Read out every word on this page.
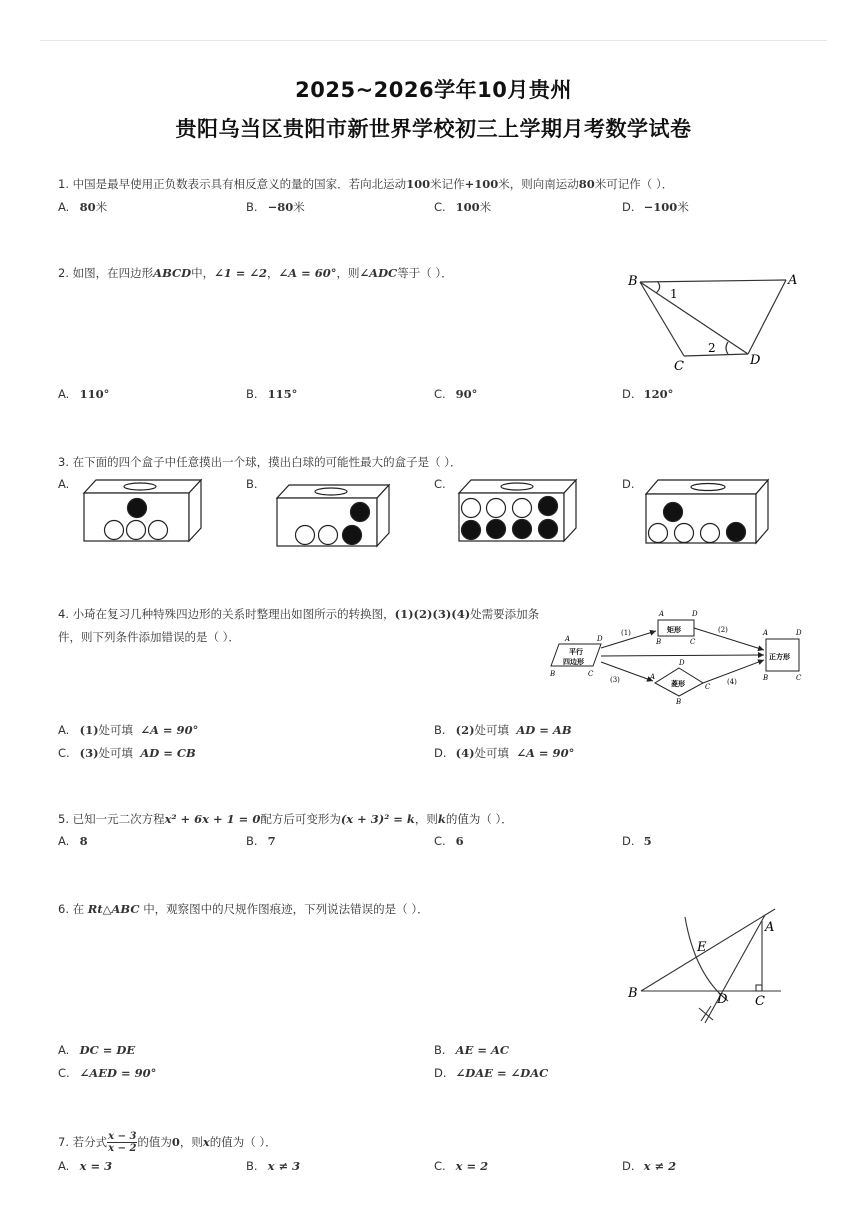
2025~2026学年10月贵州
贵阳乌当区贵阳市新世界学校初三上学期月考数学试卷
1. 中国是最早使用正负数表示具有相反意义的量的国家．若向北运动100米记作+100米，则向南运动80米可记作（ ）．
A. 80米	B. −80米	C. 100米	D. −100米
2. 如图，在四边形ABCD中，∠1 = ∠2，∠A = 60°，则∠ADC等于（ ）．
B	A
C	D
1
2
A. 110°	B. 115°	C. 90°	D. 120°
3. 在下面的四个盒子中任意摸出一个球，摸出白球的可能性最大的盒子是（ ）．
A.	B.	C.	D.
4. 小琦在复习几种特殊四边形的关系时整理出如图所示的转换图，(1)(2)(3)(4)处需要添加条
件，则下列条件添加错误的是（ ）．
四边形
平行
矩形
菱形
正方形
(1)	(2)
(3)	(4)
A	D
B	C
A	D
B	C
D
A
C
B
A	D
B	C
A. (1)处可填 ∠A = 90°	B. (2)处可填 AD = AB
C. (3)处可填 AD = CB	D. (4)处可填 ∠A = 90°
5. 已知一元二次方程x² + 6x + 1 = 0配方后可变形为(x + 3)² = k，则k的值为（ ）．
A. 8	B. 7	C. 6	D. 5
6. 在 Rt△ABC 中，观察图中的尺规作图痕迹，下列说法错误的是（ ）．
B
A
C
D
E
A. DC = DE	B. AE = AC
C. ∠AED = 90°	D. ∠DAE = ∠DAC
7. 若分式 $\frac{x - 3}{x - 2}$ 的值为0，则x的值为（ ）．
A. x = 3	B. x ≠ 3	C. x = 2	D. x ≠ 2
